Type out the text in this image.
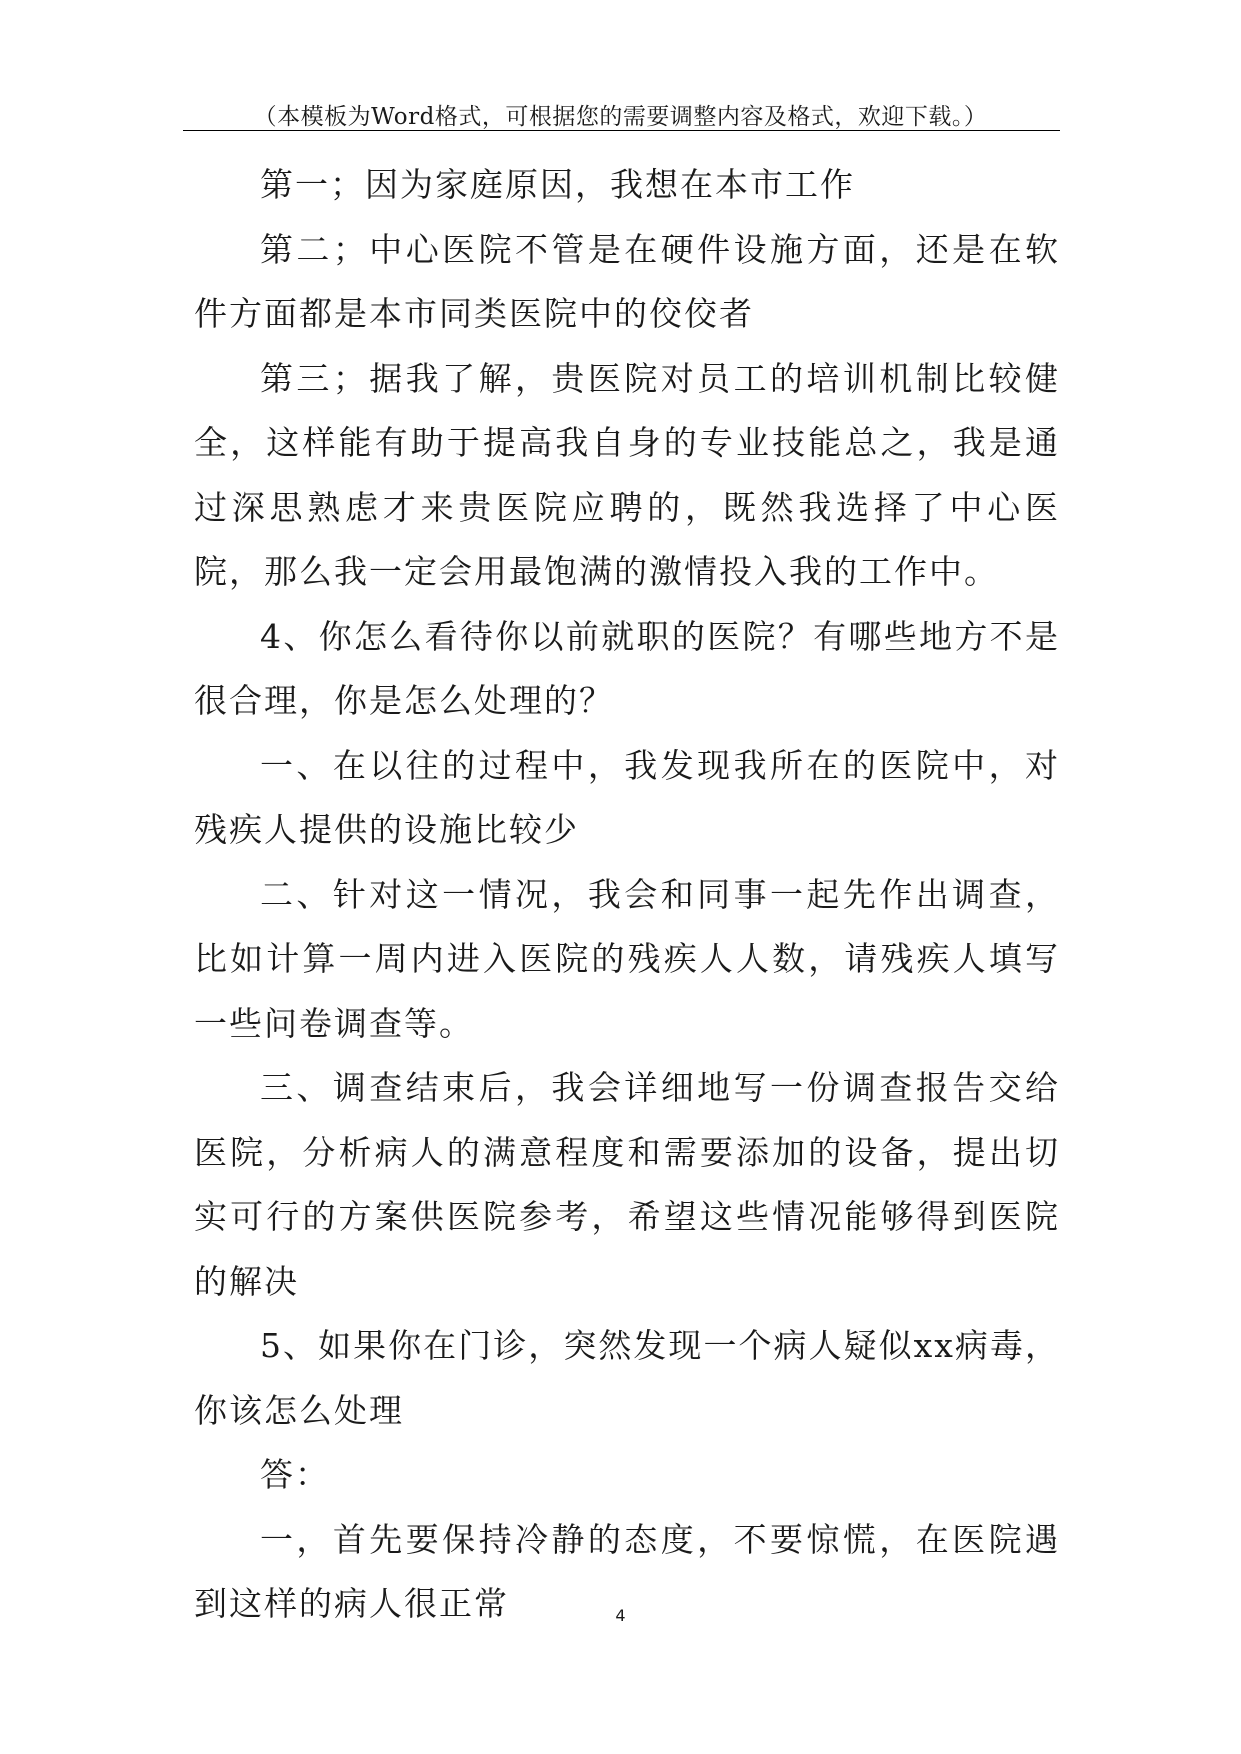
（本模板为Word格式，可根据您的需要调整内容及格式，欢迎下载。）

第一；因为家庭原因，我想在本市工作

第二；中心医院不管是在硬件设施方面，还是在软件方面都是本市同类医院中的佼佼者

第三；据我了解，贵医院对员工的培训机制比较健全，这样能有助于提高我自身的专业技能总之，我是通过深思熟虑才来贵医院应聘的，既然我选择了中心医院，那么我一定会用最饱满的激情投入我的工作中。

4、你怎么看待你以前就职的医院？有哪些地方不是很合理，你是怎么处理的？

一、在以往的过程中，我发现我所在的医院中，对残疾人提供的设施比较少

二、针对这一情况，我会和同事一起先作出调查，比如计算一周内进入医院的残疾人人数，请残疾人填写一些问卷调查等。

三、调查结束后，我会详细地写一份调查报告交给医院，分析病人的满意程度和需要添加的设备，提出切实可行的方案供医院参考，希望这些情况能够得到医院的解决

5、如果你在门诊，突然发现一个病人疑似xx病毒，你该怎么处理

答：

一，首先要保持冷静的态度，不要惊慌，在医院遇到这样的病人很正常	4
